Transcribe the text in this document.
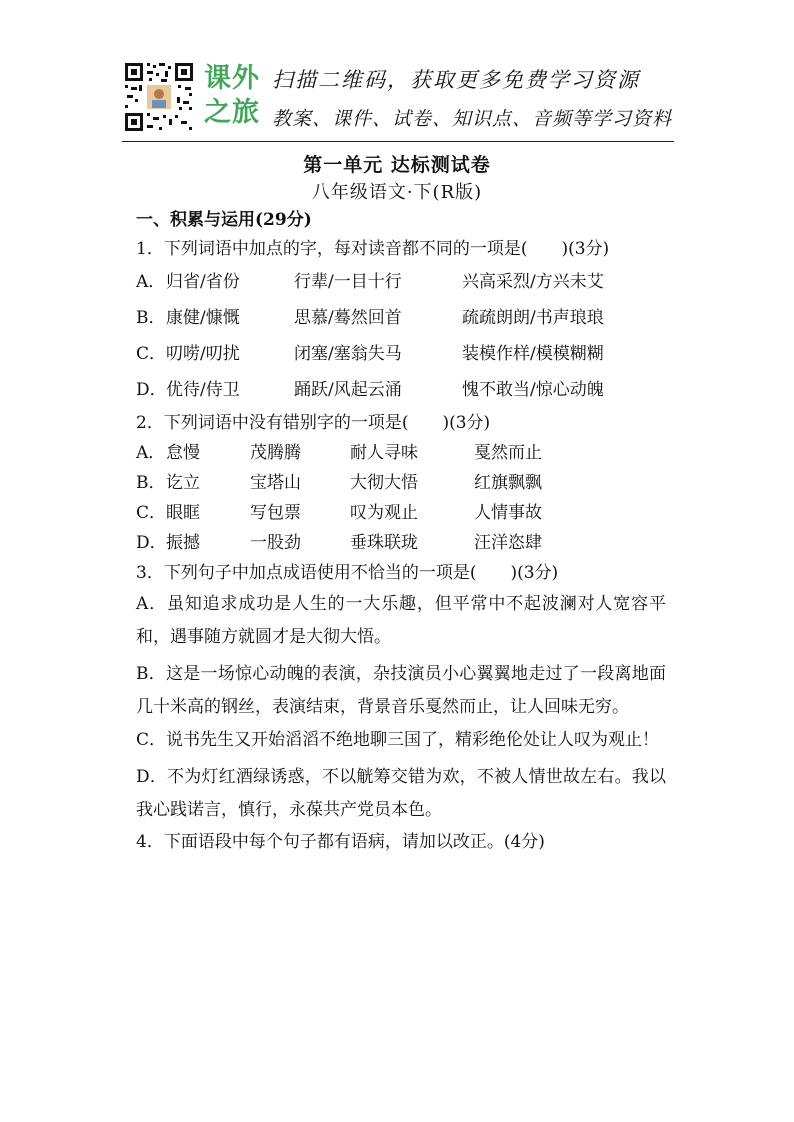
课外
之旅
扫描二维码，获取更多免费学习资源
教案、课件、试卷、知识点、音频等学习资料
第一单元 达标测试卷
八年级语文·下(R版)

一、积累与运用(29分)

1．下列词语中加点的字，每对读音都不同的一项是(　　)(3分)

A． 归省/省份	行辈/一目十行	兴高采烈/方兴未艾
B． 康健/慷慨	思慕/蓦然回首	疏疏朗朗/书声琅琅
C． 叨唠/叨扰	闭塞/塞翁失马	装模作样/模模糊糊
D． 优待/侍卫	踊跃/风起云涌	愧不敢当/惊心动魄

2．下列词语中没有错别字的一项是(　　)(3分)

A． 怠慢	茂腾腾	耐人寻味	戛然而止
B． 讫立	宝塔山	大彻大悟	红旗飘飘
C． 眼眶	写包票	叹为观止	人情事故
D． 振撼	一股劲	垂珠联珑	汪洋恣肆

3．下列句子中加点成语使用不恰当的一项是(　　)(3分)

A．虽知追求成功是人生的一大乐趣，但平常中不起波澜对人宽容平和，遇事随方就圆才是大彻大悟。

B．这是一场惊心动魄的表演，杂技演员小心翼翼地走过了一段离地面几十米高的钢丝，表演结束，背景音乐戛然而止，让人回味无穷。

C．说书先生又开始滔滔不绝地聊三国了，精彩绝伦处让人叹为观止！

D．不为灯红酒绿诱惑，不以觥筹交错为欢，不被人情世故左右。我以我心践诺言，慎行，永葆共产党员本色。

4．下面语段中每个句子都有语病，请加以改正。(4分)
